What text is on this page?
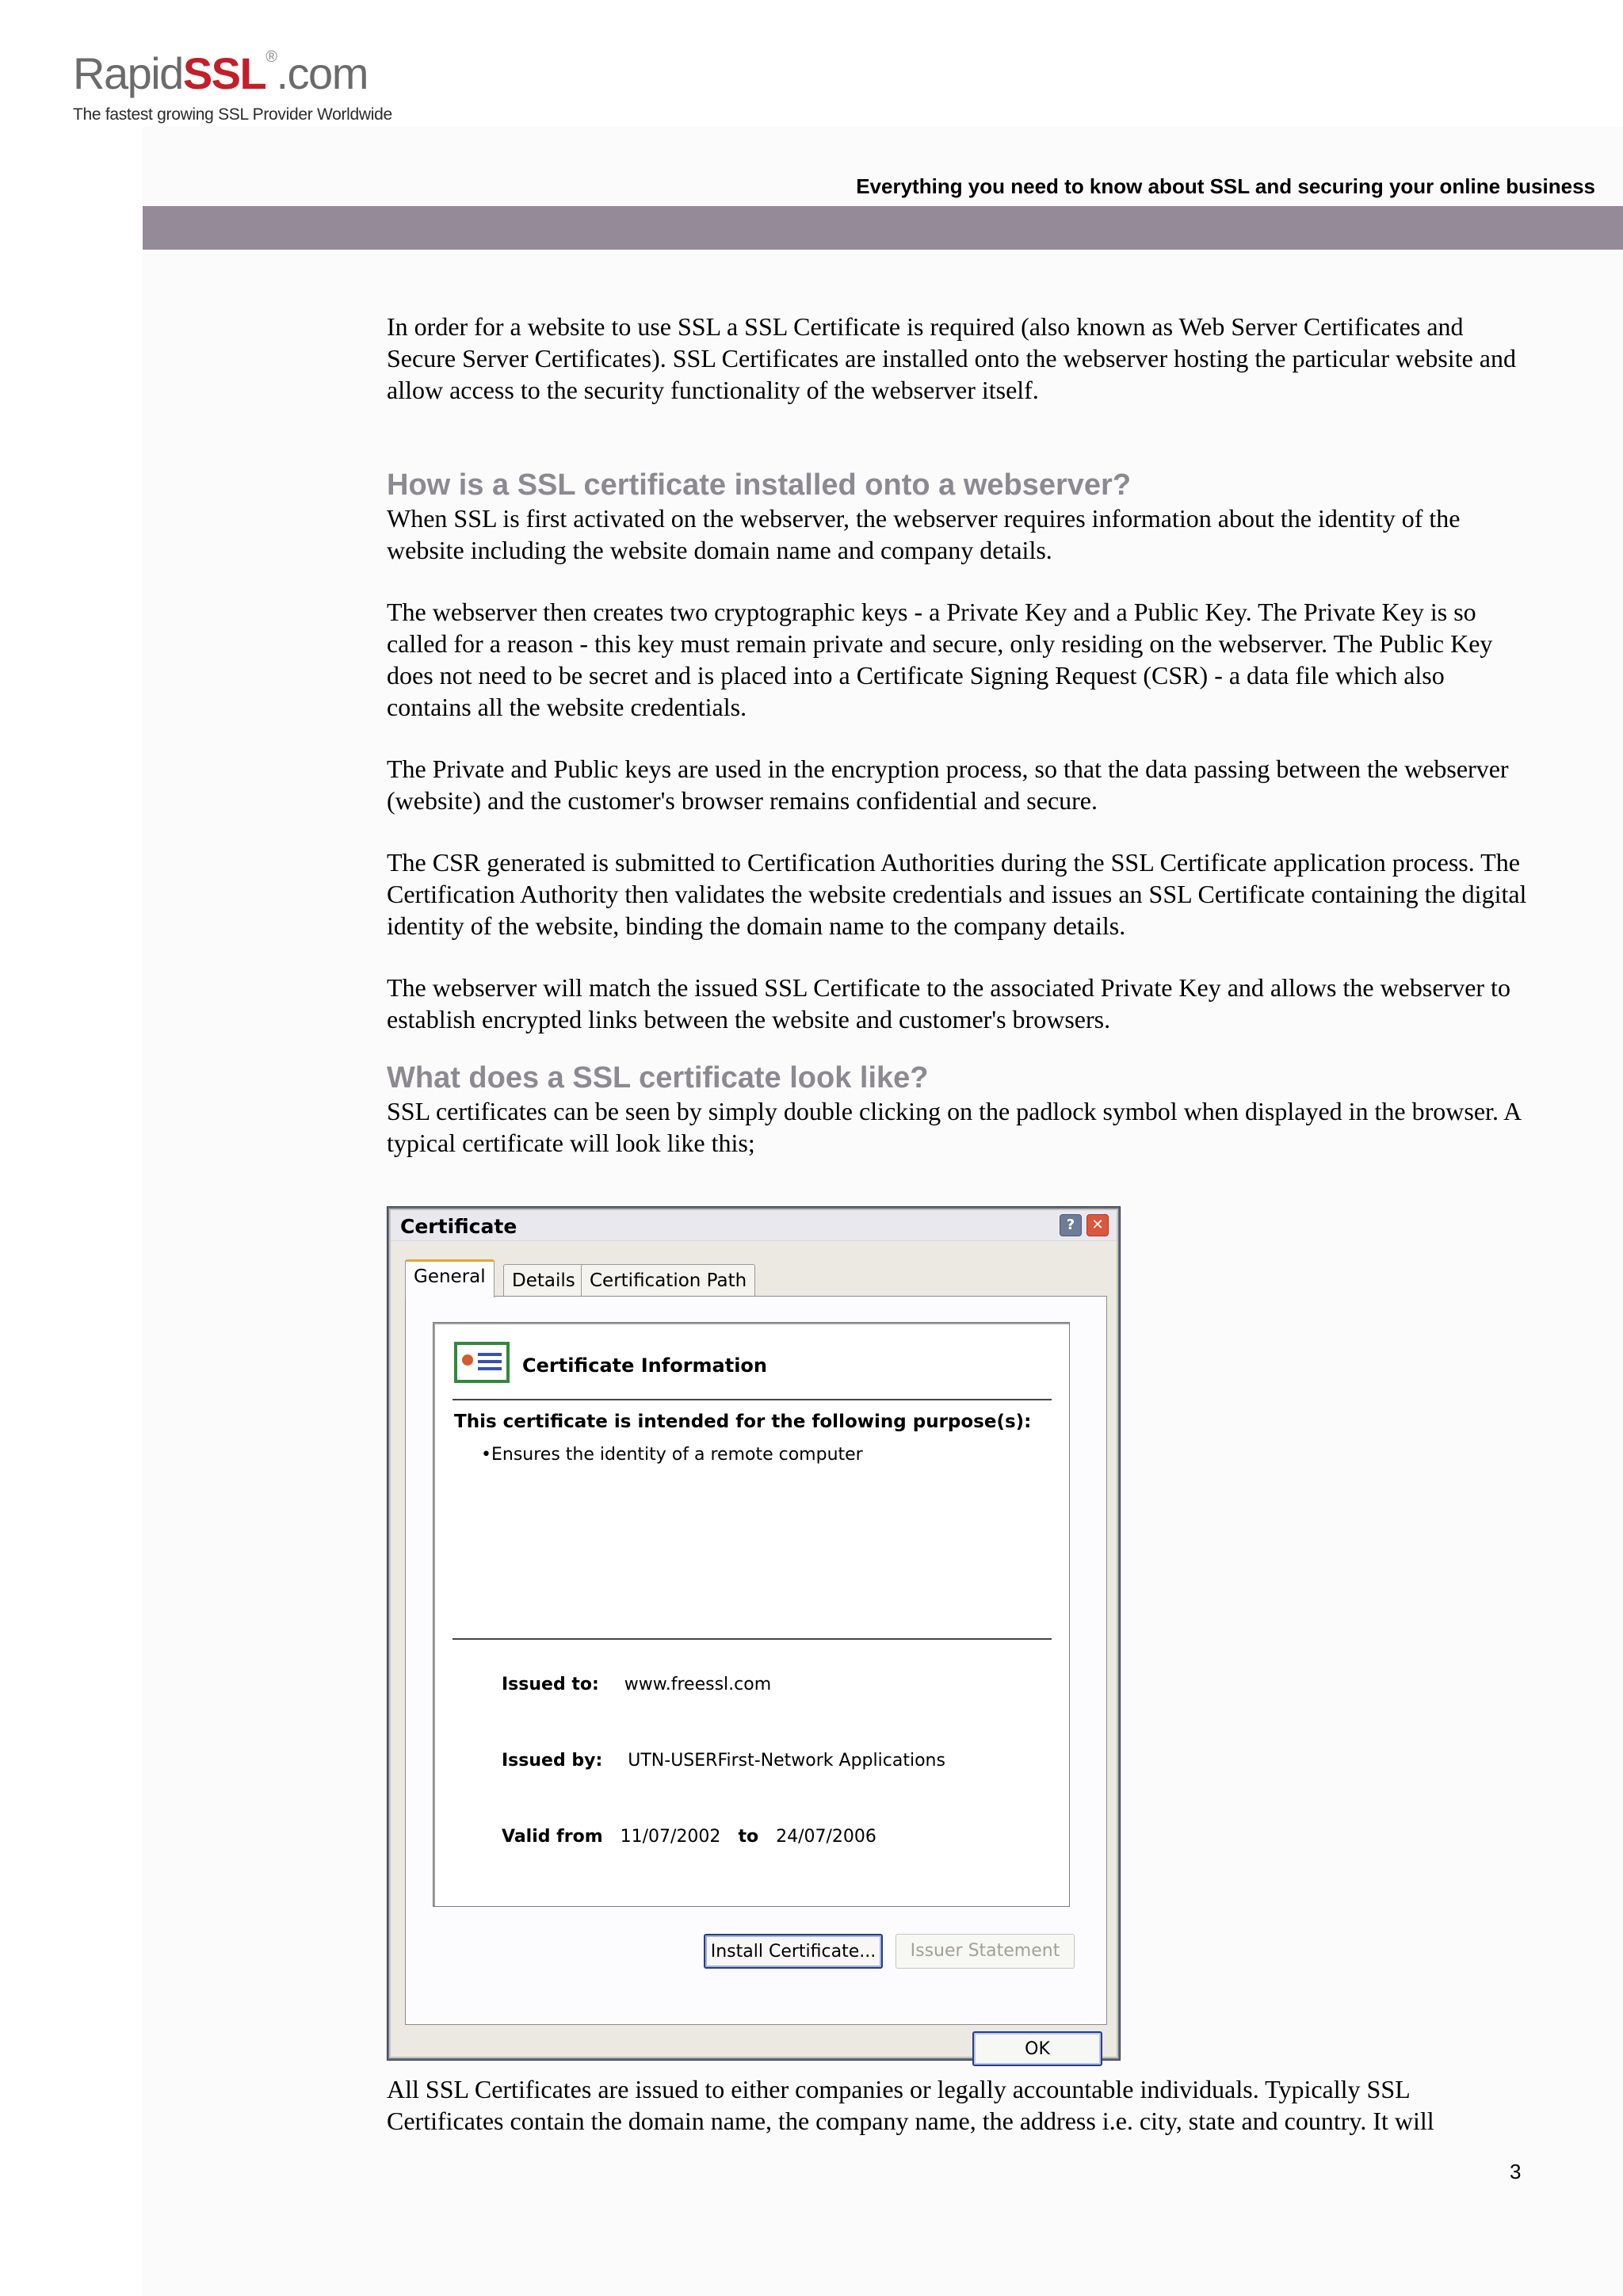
RapidSSL®.com
The fastest growing SSL Provider Worldwide
Everything you need to know about SSL and securing your online business

In order for a website to use SSL a SSL Certificate is required (also known as Web Server Certificates and Secure Server Certificates). SSL Certificates are installed onto the webserver hosting the particular website and allow access to the security functionality of the webserver itself.

How is a SSL certificate installed onto a webserver?

When SSL is first activated on the webserver, the webserver requires information about the identity of the website including the website domain name and company details.

The webserver then creates two cryptographic keys - a Private Key and a Public Key. The Private Key is so called for a reason - this key must remain private and secure, only residing on the webserver. The Public Key does not need to be secret and is placed into a Certificate Signing Request (CSR) - a data file which also contains all the website credentials.

The Private and Public keys are used in the encryption process, so that the data passing between the webserver (website) and the customer's browser remains confidential and secure.

The CSR generated is submitted to Certification Authorities during the SSL Certificate application process. The Certification Authority then validates the website credentials and issues an SSL Certificate containing the digital identity of the website, binding the domain name to the company details.

The webserver will match the issued SSL Certificate to the associated Private Key and allows the webserver to establish encrypted links between the website and customer's browsers.

What does a SSL certificate look like?

SSL certificates can be seen by simply double clicking on the padlock symbol when displayed in the browser. A typical certificate will look like this;

Certificate	?	✕
General	Details Certification Path
Certificate Information
This certificate is intended for the following purpose(s):
•Ensures the identity of a remote computer
Issued to: www.freessl.com
Issued by: UTN-USERFirst-Network Applications
Valid from 11/07/2002 to 24/07/2006
Install Certificate...	Issuer Statement
OK

All SSL Certificates are issued to either companies or legally accountable individuals. Typically SSL Certificates contain the domain name, the company name, the address i.e. city, state and country. It will

3
